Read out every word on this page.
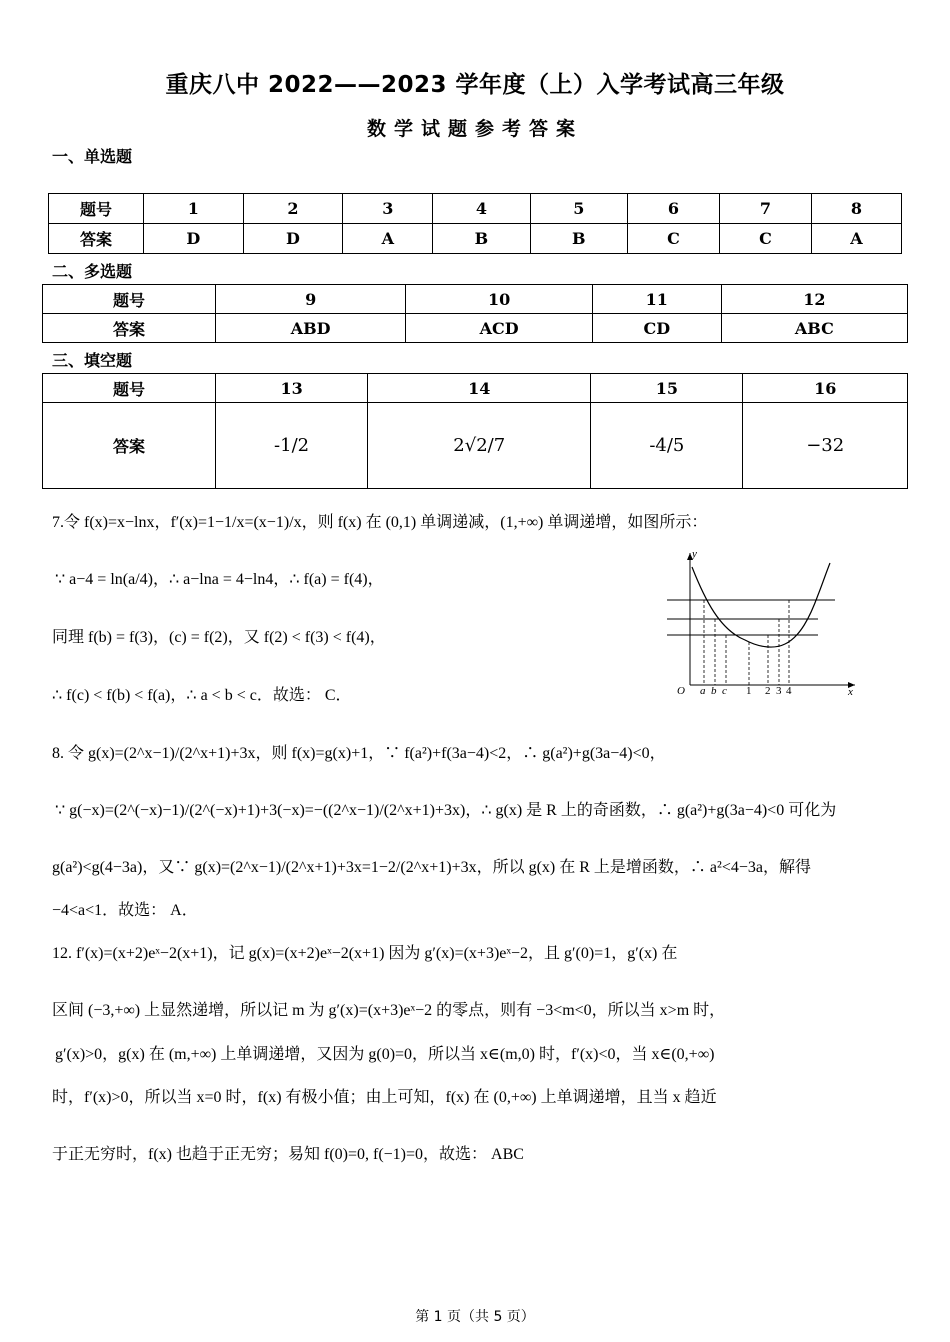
重庆八中 2022——2023 学年度（上）入学考试高三年级
数学试题参考答案
一、单选题
题号	1	2	3	4	5	6	7	8
答案	D	D	A	B	B	C	C	A
二、多选题
题号	9	10	11	12
答案	ABD	ACD	CD	ABC
三、填空题
题号	13	14	15	16
答案	-1/2	2√2/7	-4/5	−32
7.令 f(x)=x−lnx，f′(x)=1−1/x=(x−1)/x，则 f(x) 在 (0,1) 单调递减，(1,+∞) 单调递增，如图所示：
∵ a−4 = ln(a/4)，∴ a−lna = 4−ln4，∴ f(a) = f(4)，
同理 f(b) = f(3)，(c) = f(2)，又 f(2) < f(3) < f(4)，
∴ f(c) < f(b) < f(a)，∴ a < b < c．故选： C．
y
x
O a b c 1 2 3 4
8. 令 g(x)=(2^x−1)/(2^x+1)+3x，则 f(x)=g(x)+1，∵ f(a²)+f(3a−4)<2，∴ g(a²)+g(3a−4)<0，
∵ g(−x)=(2^(−x)−1)/(2^(−x)+1)+3(−x)=−((2^x−1)/(2^x+1)+3x)，∴ g(x) 是 R 上的奇函数，∴ g(a²)+g(3a−4)<0 可化为
g(a²)<g(4−3a)，又∵ g(x)=(2^x−1)/(2^x+1)+3x=1−2/(2^x+1)+3x，所以 g(x) 在 R 上是增函数，∴ a²<4−3a，解得
−4<a<1．故选： A．
12. f′(x)=(x+2)eˣ−2(x+1)，记 g(x)=(x+2)eˣ−2(x+1) 因为 g′(x)=(x+3)eˣ−2，且 g′(0)=1，g′(x) 在
区间 (−3,+∞) 上显然递增，所以记 m 为 g′(x)=(x+3)eˣ−2 的零点，则有 −3<m<0，所以当 x>m 时，
g′(x)>0，g(x) 在 (m,+∞) 上单调递增，又因为 g(0)=0，所以当 x∈(m,0) 时，f′(x)<0，当 x∈(0,+∞)
时，f′(x)>0，所以当 x=0 时，f(x) 有极小值；由上可知，f(x) 在 (0,+∞) 上单调递增，且当 x 趋近
于正无穷时，f(x) 也趋于正无穷；易知 f(0)=0, f(−1)=0，故选： ABC
第 1 页（共 5 页）
